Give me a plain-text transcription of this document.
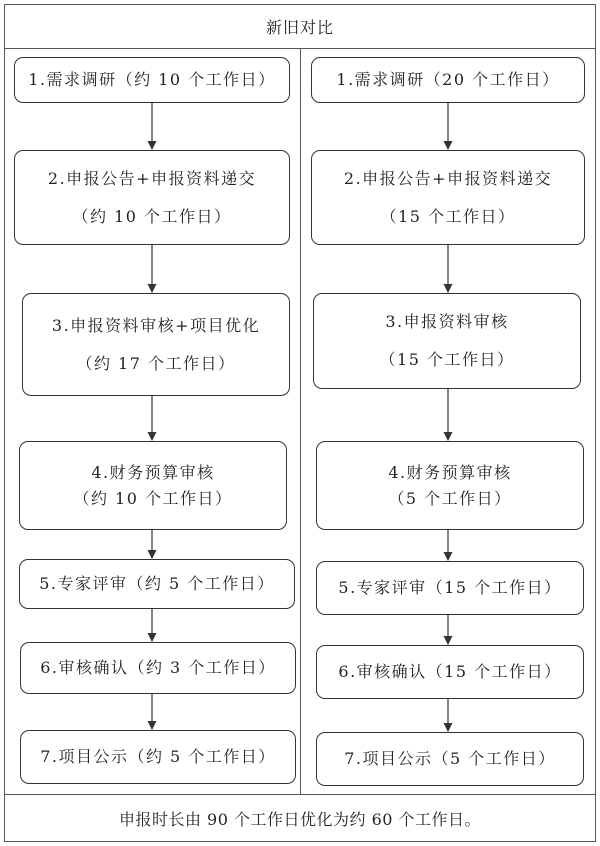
新旧对比
1.需求调研（约 10 个工作日）
2.申报公告+申报资料递交
（约 10 个工作日）
3.申报资料审核+项目优化
（约 17 个工作日）
4.财务预算审核
（约 10 个工作日）
5.专家评审（约 5 个工作日）
6.审核确认（约 3 个工作日）
7.项目公示（约 5 个工作日）
1.需求调研（20 个工作日）
2.申报公告+申报资料递交
（15 个工作日）
3.申报资料审核
（15 个工作日）
4.财务预算审核
（5 个工作日）
5.专家评审（15 个工作日）
6.审核确认（15 个工作日）
7.项目公示（5 个工作日）
申报时长由 90 个工作日优化为约 60 个工作日。
